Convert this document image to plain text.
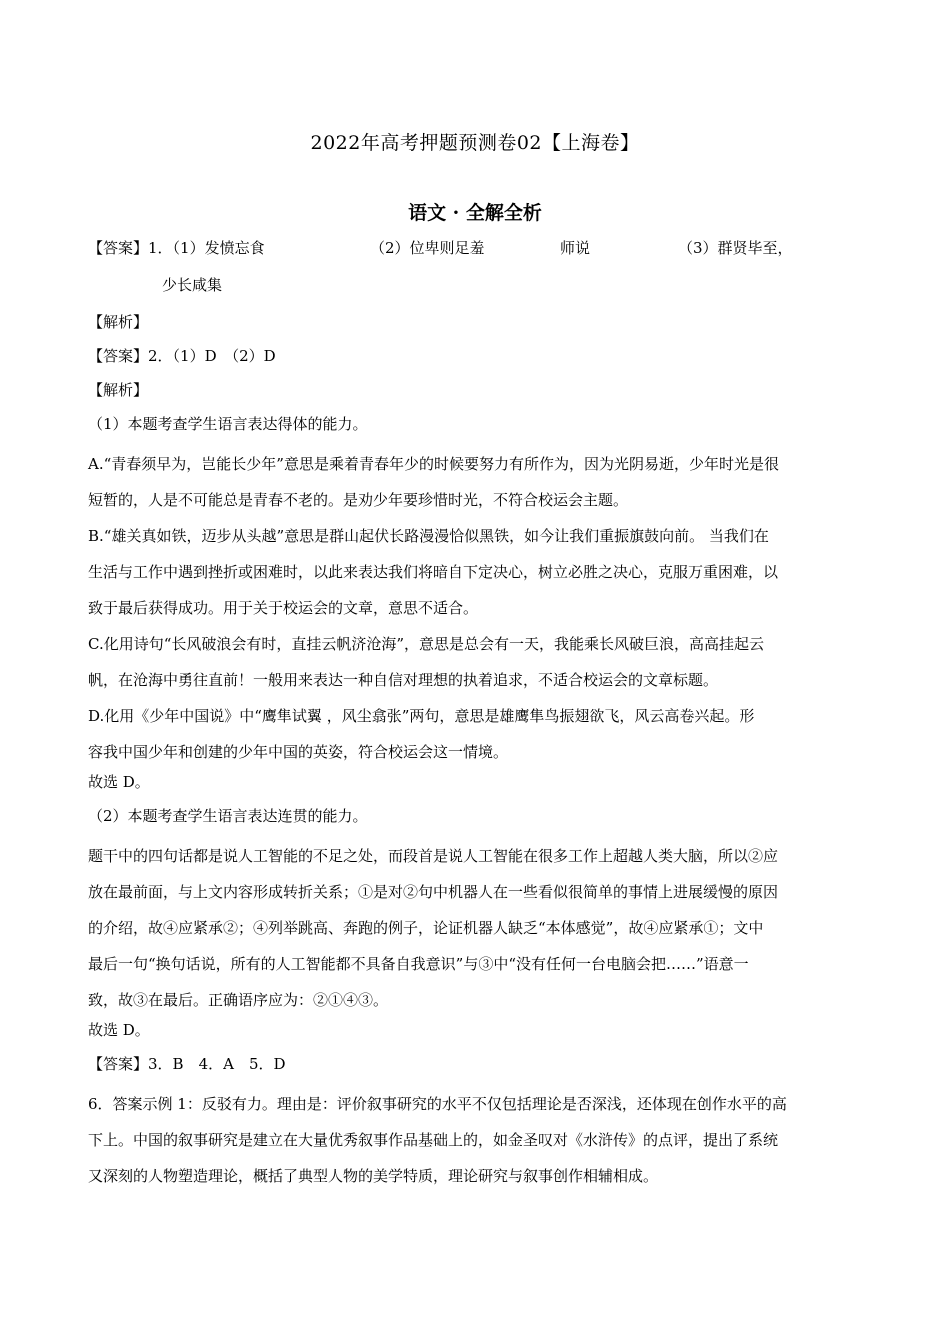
2022年高考押题预测卷02【上海卷】
语文 · 全解全析
【答案】1．（1）发愤忘食	（2）位卑则足羞	师说	（3）群贤毕至，
少长咸集
【解析】
【答案】2．（1）D　（2）D
【解析】
（1）本题考查学生语言表达得体的能力。
A.“青春须早为，岂能长少年”意思是乘着青春年少的时候要努力有所作为，因为光阴易逝，少年时光是很
短暂的，人是不可能总是青春不老的。是劝少年要珍惜时光，不符合校运会主题。
B.“雄关真如铁，迈步从头越”意思是群山起伏长路漫漫恰似黑铁，如今让我们重振旗鼓向前。 当我们在
生活与工作中遇到挫折或困难时，以此来表达我们将暗自下定决心，树立必胜之决心，克服万重困难，以
致于最后获得成功。用于关于校运会的文章，意思不适合。
C.化用诗句“长风破浪会有时，直挂云帆济沧海”，意思是总会有一天，我能乘长风破巨浪，高高挂起云
帆，在沧海中勇往直前！一般用来表达一种自信对理想的执着追求，不适合校运会的文章标题。
D.化用《少年中国说》中“鹰隼试翼 ，风尘翕张”两句，意思是雄鹰隼鸟振翅欲飞，风云高卷兴起。形
容我中国少年和创建的少年中国的英姿，符合校运会这一情境。
故选 D。
（2）本题考查学生语言表达连贯的能力。
题干中的四句话都是说人工智能的不足之处，而段首是说人工智能在很多工作上超越人类大脑，所以②应
放在最前面，与上文内容形成转折关系；①是对②句中机器人在一些看似很简单的事情上进展缓慢的原因
的介绍，故④应紧承②；④列举跳高、奔跑的例子，论证机器人缺乏“本体感觉”，故④应紧承①；文中
最后一句“换句话说，所有的人工智能都不具备自我意识”与③中“没有任何一台电脑会把……”语意一
致，故③在最后。正确语序应为：②①④③。
故选 D。
【答案】3．B　4．A　5．D
6．答案示例 1：反驳有力。理由是：评价叙事研究的水平不仅包括理论是否深浅，还体现在创作水平的高
下上。中国的叙事研究是建立在大量优秀叙事作品基础上的，如金圣叹对《水浒传》的点评，提出了系统
又深刻的人物塑造理论，概括了典型人物的美学特质，理论研究与叙事创作相辅相成。
